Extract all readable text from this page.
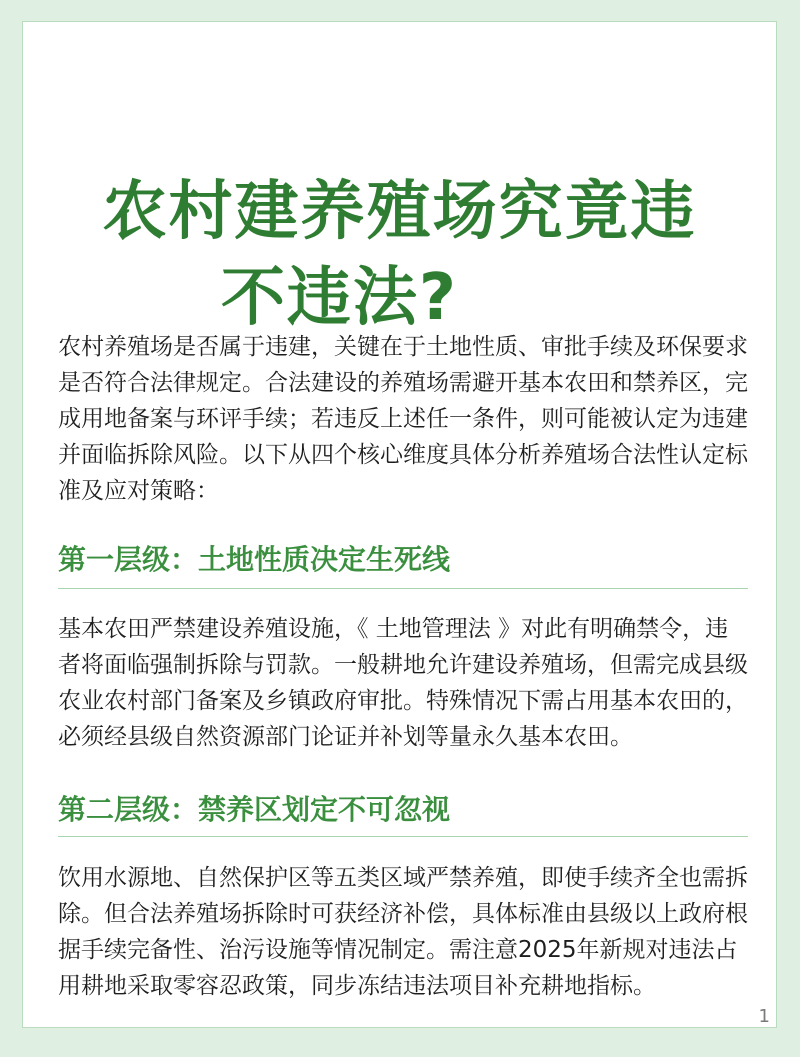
农村建养殖场究竟违
不违法?

农村养殖场是否属于违建，关键在于土地性质、审批手续及环保要求是否符合法律规定。合法建设的养殖场需避开基本农田和禁养区，完成用地备案与环评手续；若违反上述任一条件，则可能被认定为违建并面临拆除风险。以下从四个核心维度具体分析养殖场合法性认定标准及应对策略：

第一层级：土地性质决定生死线

基本农田严禁建设养殖设施，《 土地管理法 》对此有明确禁令，违者将面临强制拆除与罚款。一般耕地允许建设养殖场，但需完成县级农业农村部门备案及乡镇政府审批。特殊情况下需占用基本农田的，必须经县级自然资源部门论证并补划等量永久基本农田。

第二层级：禁养区划定不可忽视

饮用水源地、自然保护区等五类区域严禁养殖，即使手续齐全也需拆除。但合法养殖场拆除时可获经济补偿，具体标准由县级以上政府根据手续完备性、治污设施等情况制定。需注意2025年新规对违法占用耕地采取零容忍政策，同步冻结违法项目补充耕地指标。

1
